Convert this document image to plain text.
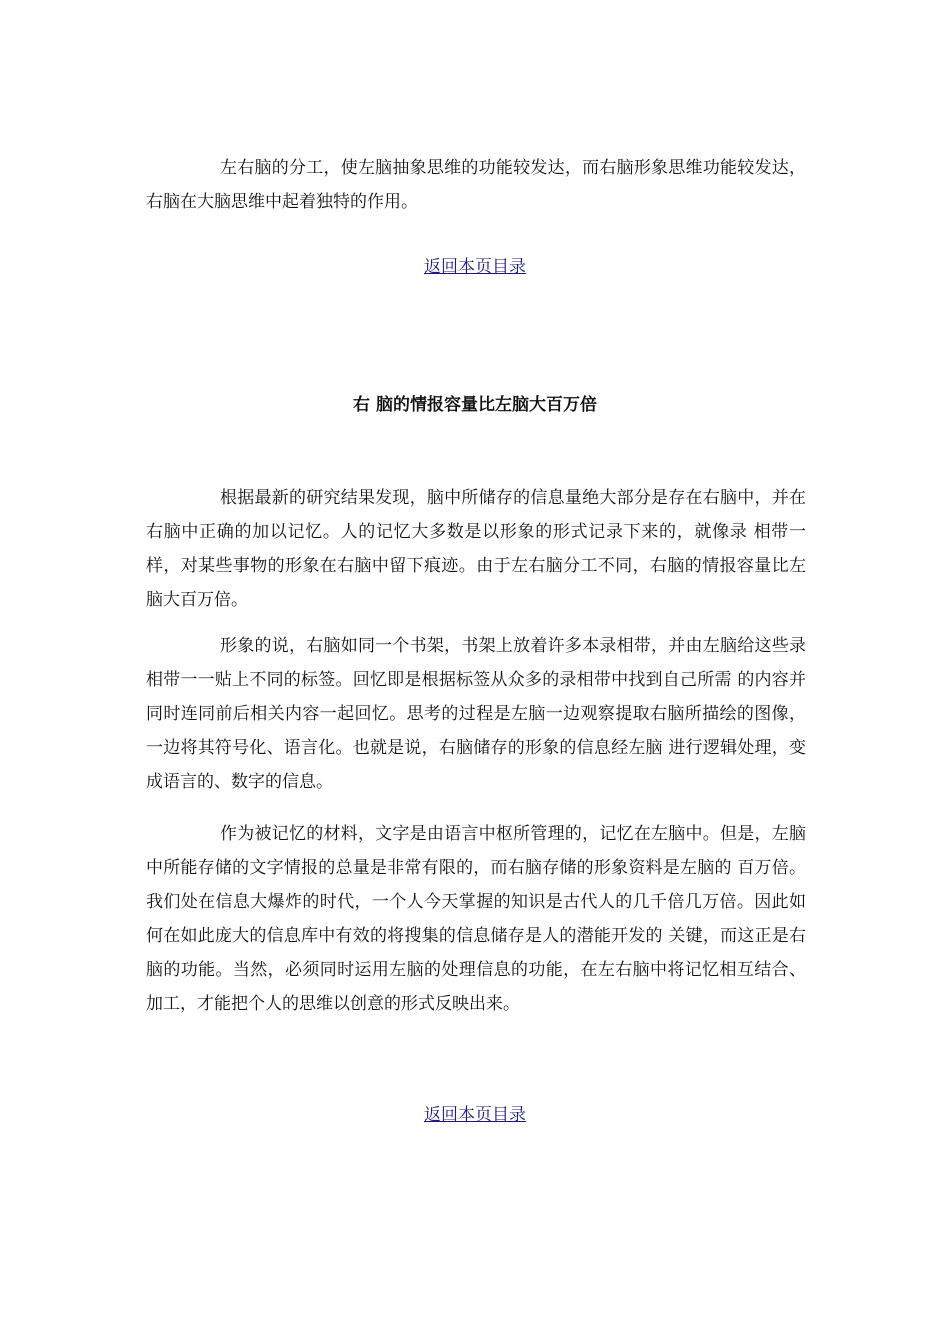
左右脑的分工，使左脑抽象思维的功能较发达，而右脑形象思维功能较发达，右脑在大脑思维中起着独特的作用。

返回本页目录
右 脑的情报容量比左脑大百万倍

根据最新的研究结果发现，脑中所储存的信息量绝大部分是存在右脑中，并在右脑中正确的加以记忆。人的记忆大多数是以形象的形式记录下来的，就像录 相带一样，对某些事物的形象在右脑中留下痕迹。由于左右脑分工不同，右脑的情报容量比左脑大百万倍。

形象的说，右脑如同一个书架，书架上放着许多本录相带，并由左脑给这些录相带一一贴上不同的标签。回忆即是根据标签从众多的录相带中找到自己所需 的内容并同时连同前后相关内容一起回忆。思考的过程是左脑一边观察提取右脑所描绘的图像，一边将其符号化、语言化。也就是说，右脑储存的形象的信息经左脑 进行逻辑处理，变成语言的、数字的信息。

作为被记忆的材料，文字是由语言中枢所管理的，记忆在左脑中。但是，左脑中所能存储的文字情报的总量是非常有限的，而右脑存储的形象资料是左脑的 百万倍。我们处在信息大爆炸的时代，一个人今天掌握的知识是古代人的几千倍几万倍。因此如何在如此庞大的信息库中有效的将搜集的信息储存是人的潜能开发的 关键，而这正是右脑的功能。当然，必须同时运用左脑的处理信息的功能，在左右脑中将记忆相互结合、加工，才能把个人的思维以创意的形式反映出来。

返回本页目录
